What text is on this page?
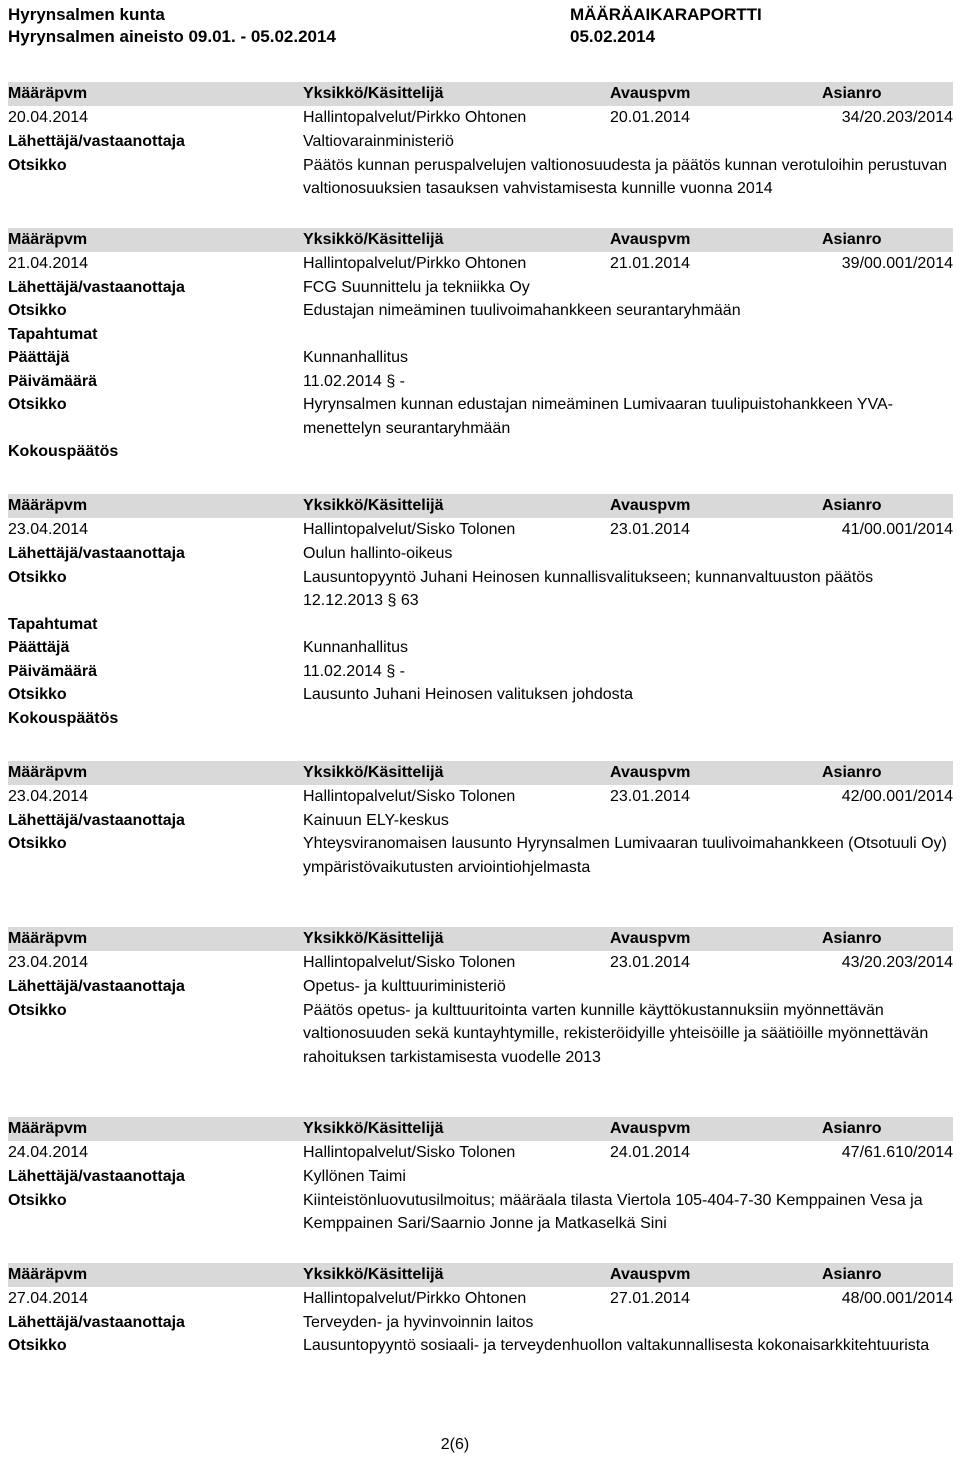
Hyrynsalmen kunta
Hyrynsalmen aineisto 09.01. - 05.02.2014
MÄÄRÄAIKARAPORTTI
05.02.2014
Määräpvm	Yksikkö/Käsittelijä	Avauspvm	Asianro
20.04.2014	Hallintopalvelut/Pirkko Ohtonen	20.01.2014	34/20.203/2014
Lähettäjä/vastaanottaja	Valtiovarainministeriö
Otsikko	Päätös kunnan peruspalvelujen valtionosuudesta ja päätös kunnan verotuloihin perustuvan valtionosuuksien tasauksen vahvistamisesta kunnille vuonna 2014
Määräpvm	Yksikkö/Käsittelijä	Avauspvm	Asianro
21.04.2014	Hallintopalvelut/Pirkko Ohtonen	21.01.2014	39/00.001/2014
Lähettäjä/vastaanottaja	FCG Suunnittelu ja tekniikka Oy
Otsikko	Edustajan nimeäminen tuulivoimahankkeen seurantaryhmään
Tapahtumat
Päättäjä	Kunnanhallitus
Päivämäärä	11.02.2014 § -
Otsikko	Hyrynsalmen kunnan edustajan nimeäminen Lumivaaran tuulipuistohankkeen YVA-menettelyn seurantaryhmään
Kokouspäätös
Määräpvm	Yksikkö/Käsittelijä	Avauspvm	Asianro
23.04.2014	Hallintopalvelut/Sisko Tolonen	23.01.2014	41/00.001/2014
Lähettäjä/vastaanottaja	Oulun hallinto-oikeus
Otsikko	Lausuntopyyntö Juhani Heinosen kunnallisvalitukseen; kunnanvaltuuston päätös 12.12.2013 § 63
Tapahtumat
Päättäjä	Kunnanhallitus
Päivämäärä	11.02.2014 § -
Otsikko	Lausunto Juhani Heinosen valituksen johdosta
Kokouspäätös
Määräpvm	Yksikkö/Käsittelijä	Avauspvm	Asianro
23.04.2014	Hallintopalvelut/Sisko Tolonen	23.01.2014	42/00.001/2014
Lähettäjä/vastaanottaja	Kainuun ELY-keskus
Otsikko	Yhteysviranomaisen lausunto Hyrynsalmen Lumivaaran tuulivoimahankkeen (Otsotuuli Oy) ympäristövaikutusten arviointiohjelmasta
Määräpvm	Yksikkö/Käsittelijä	Avauspvm	Asianro
23.04.2014	Hallintopalvelut/Sisko Tolonen	23.01.2014	43/20.203/2014
Lähettäjä/vastaanottaja	Opetus- ja kulttuuriministeriö
Otsikko	Päätös opetus- ja kulttuuritointa varten kunnille käyttökustannuksiin myönnettävän valtionosuuden sekä kuntayhtymille, rekisteröidyille yhteisöille ja säätiöille myönnettävän rahoituksen tarkistamisesta vuodelle 2013
Määräpvm	Yksikkö/Käsittelijä	Avauspvm	Asianro
24.04.2014	Hallintopalvelut/Sisko Tolonen	24.01.2014	47/61.610/2014
Lähettäjä/vastaanottaja	Kyllönen Taimi
Otsikko	Kiinteistönluovutusilmoitus; määräala tilasta Viertola 105-404-7-30 Kemppainen Vesa ja Kemppainen Sari/Saarnio Jonne ja Matkaselkä Sini
Määräpvm	Yksikkö/Käsittelijä	Avauspvm	Asianro
27.04.2014	Hallintopalvelut/Pirkko Ohtonen	27.01.2014	48/00.001/2014
Lähettäjä/vastaanottaja	Terveyden- ja hyvinvoinnin laitos
Otsikko	Lausuntopyyntö sosiaali- ja terveydenhuollon valtakunnallisesta kokonaisarkkitehtuurista
2(6)
